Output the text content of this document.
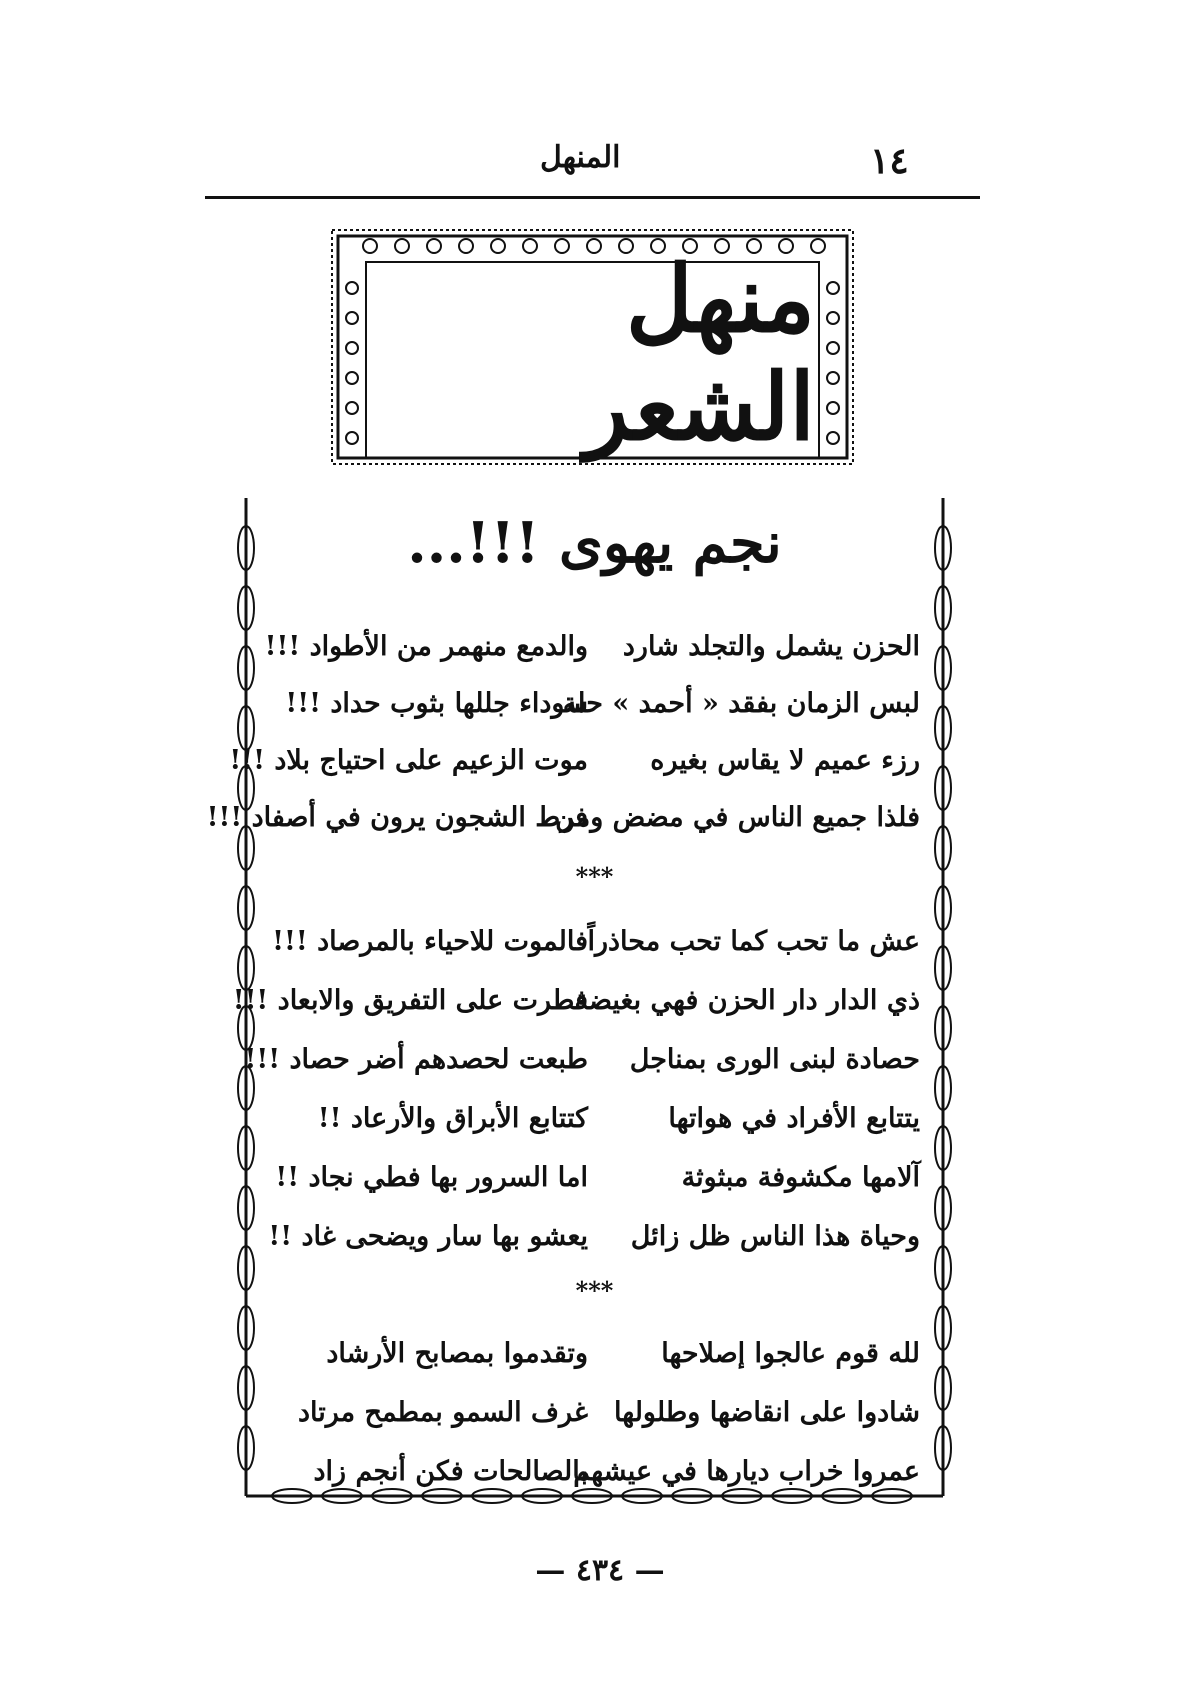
١٤
المنهل
منهل الشعر
نجم يهوى !!!...
الحزن يشمل والتجلد شارد
والدمع منهمر من الأطواد !!!
لبس الزمان بفقد « أحمد » حلة
سوداء جللها بثوب حداد !!!
رزء عميم لا يقاس بغيره
موت الزعيم على احتياج بلاد !!!
فلذا جميع الناس في مضض ومن
فرط الشجون يرون في أصفاد !!!
***
عش ما تحب كما تحب محاذراً
فالموت للاحياء بالمرصاد !!!
ذي الدار دار الحزن فهي بغيضة
فطرت على التفريق والابعاد !!!
حصادة لبنى الورى بمناجل
طبعت لحصدهم أضر حصاد !!!
يتتابع الأفراد في هواتها
كتتابع الأبراق والأرعاد !!
آلامها مكشوفة مبثوثة
اما السرور بها فطي نجاد !!
وحياة هذا الناس ظل زائل
يعشو بها سار ويضحى غاد !!
***
لله قوم عالجوا إصلاحها
وتقدموا بمصابح الأرشاد
شادوا على انقاضها وطلولها
غرف السمو بمطمح مرتاد
عمروا خراب ديارها في عيشهم
بالصالحات فكن أنجم زاد
— ٤٣٤ —
